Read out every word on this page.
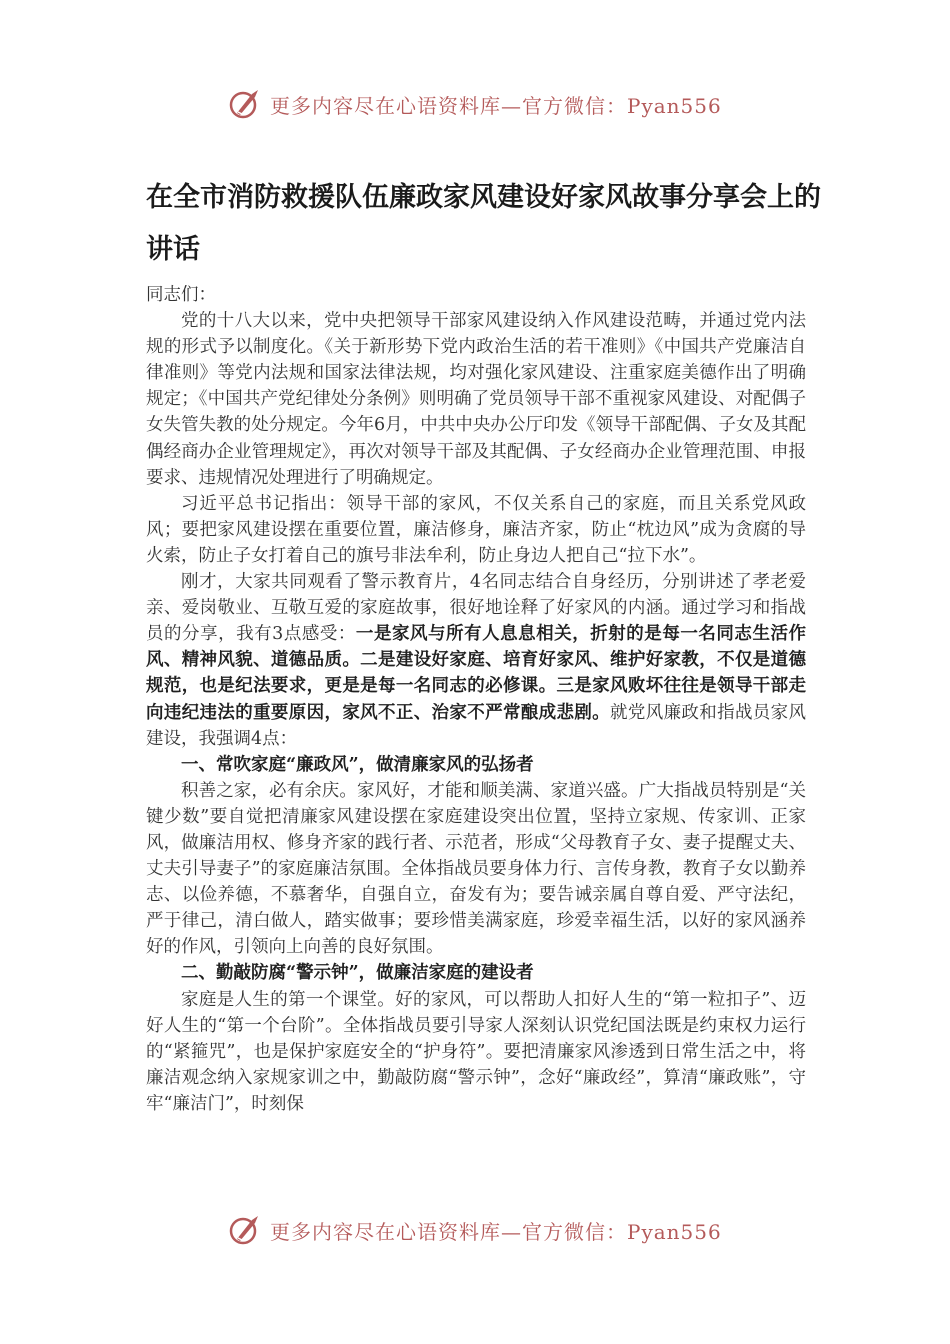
更多内容尽在心语资料库—官方微信：Pyan556
在全市消防救援队伍廉政家风建设好家风故事分享会上的讲话

同志们：

党的十八大以来，党中央把领导干部家风建设纳入作风建设范畴，并通过党内法规的形式予以制度化。《关于新形势下党内政治生活的若干准则》《中国共产党廉洁自律准则》等党内法规和国家法律法规，均对强化家风建设、注重家庭美德作出了明确规定；《中国共产党纪律处分条例》则明确了党员领导干部不重视家风建设、对配偶子女失管失教的处分规定。今年6月，中共中央办公厅印发《领导干部配偶、子女及其配偶经商办企业管理规定》，再次对领导干部及其配偶、子女经商办企业管理范围、申报要求、违规情况处理进行了明确规定。

习近平总书记指出：领导干部的家风，不仅关系自己的家庭，而且关系党风政风；要把家风建设摆在重要位置，廉洁修身，廉洁齐家，防止“枕边风”成为贪腐的导火索，防止子女打着自己的旗号非法牟利，防止身边人把自己“拉下水”。

刚才，大家共同观看了警示教育片，4名同志结合自身经历，分别讲述了孝老爱亲、爱岗敬业、互敬互爱的家庭故事，很好地诠释了好家风的内涵。通过学习和指战员的分享，我有3点感受：一是家风与所有人息息相关，折射的是每一名同志生活作风、精神风貌、道德品质。二是建设好家庭、培育好家风、维护好家教，不仅是道德规范，也是纪法要求，更是是每一名同志的必修课。三是家风败坏往往是领导干部走向违纪违法的重要原因，家风不正、治家不严常酿成悲剧。就党风廉政和指战员家风建设，我强调4点：

一、常吹家庭“廉政风”，做清廉家风的弘扬者

积善之家，必有余庆。家风好，才能和顺美满、家道兴盛。广大指战员特别是“关键少数”要自觉把清廉家风建设摆在家庭建设突出位置，坚持立家规、传家训、正家风，做廉洁用权、修身齐家的践行者、示范者，形成“父母教育子女、妻子提醒丈夫、丈夫引导妻子”的家庭廉洁氛围。全体指战员要身体力行、言传身教，教育子女以勤养志、以俭养德，不慕奢华，自强自立，奋发有为；要告诫亲属自尊自爱、严守法纪，严于律己，清白做人，踏实做事；要珍惜美满家庭，珍爱幸福生活，以好的家风涵养好的作风，引领向上向善的良好氛围。

二、勤敲防腐“警示钟”，做廉洁家庭的建设者

家庭是人生的第一个课堂。好的家风，可以帮助人扣好人生的“第一粒扣子”、迈好人生的“第一个台阶”。全体指战员要引导家人深刻认识党纪国法既是约束权力运行的“紧箍咒”，也是保护家庭安全的“护身符”。要把清廉家风渗透到日常生活之中，将廉洁观念纳入家规家训之中，勤敲防腐“警示钟”，念好“廉政经”，算清“廉政账”，守牢“廉洁门”，时刻保

更多内容尽在心语资料库—官方微信：Pyan556
